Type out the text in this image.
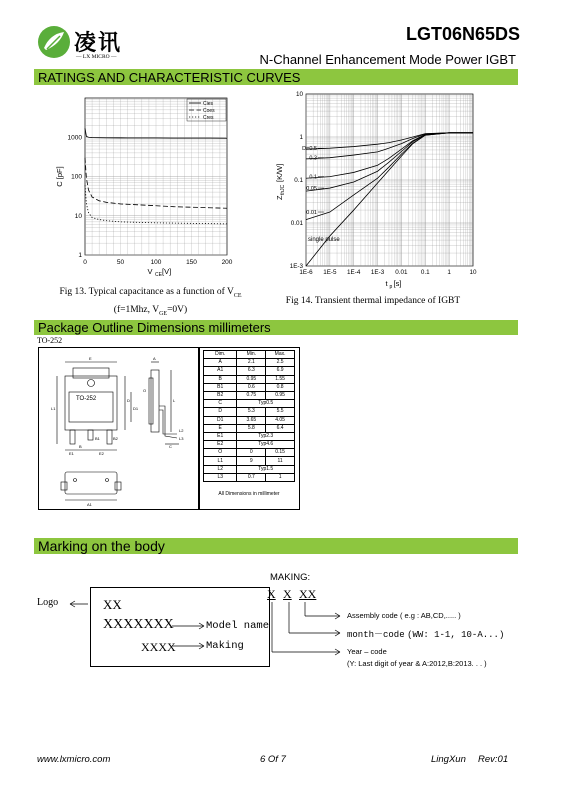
凌讯
— LX MICRO —
LGT06N65DS
N-Channel Enhancement Mode Power IGBT
RATINGS AND CHARACTERISTIC CURVES
0	50	100	150	200
1
10
100
1000
C [pF]
V CE [V]
Cies
Coes
Cres
Fig 13. Typical capacitance as a function of $V_{CE}$
(f=1Mhz, $V_{GE}=0V$)
1E-6 1E-5 1E-4 1E-3 0.01 0.1	1	10
1E-3
0.01
0.1
1
10
Z
thJC
[K/W]
t p [s]
D=0.5
0.3
0.1
0.05
0.01
single pulse
Fig 14. Transient thermal impedance of IGBT
Package Outline Dimensions millimeters
TO-252
TO-252
A
B	C
D
D1
E
E1	E2
B1	B2
A1
L
L1
L2
L3
O
Dim.	Min.	Max.
A	2.1	2.5
A1	6.3	6.9
B	0.95	1.55
B1	0.6	0.8
B2	0.75	0.95
C	Typ0.5	
D	5.3	5.5
D1	3.65	4.05
E	5.8	6.4
E1	Typ2.3	
E2	Typ4.6	
O	0	0.15
L1	9	11
L2	Typ1.5	
L3	0.7	1
All Dimensions in millimeter
Marking on the body
MAKING:
X X XX
Logo	XX
XXXXXXX
XXXX
Model name
Making
Assembly code ( e.g : AB,CD,..... )
month－code (WW: 1-1, 10-A...)
Year – code
(Y: Last digit of year & A:2012,B:2013. . . )
www.lxmicro.com	6 Of 7	LingXun Rev:01
